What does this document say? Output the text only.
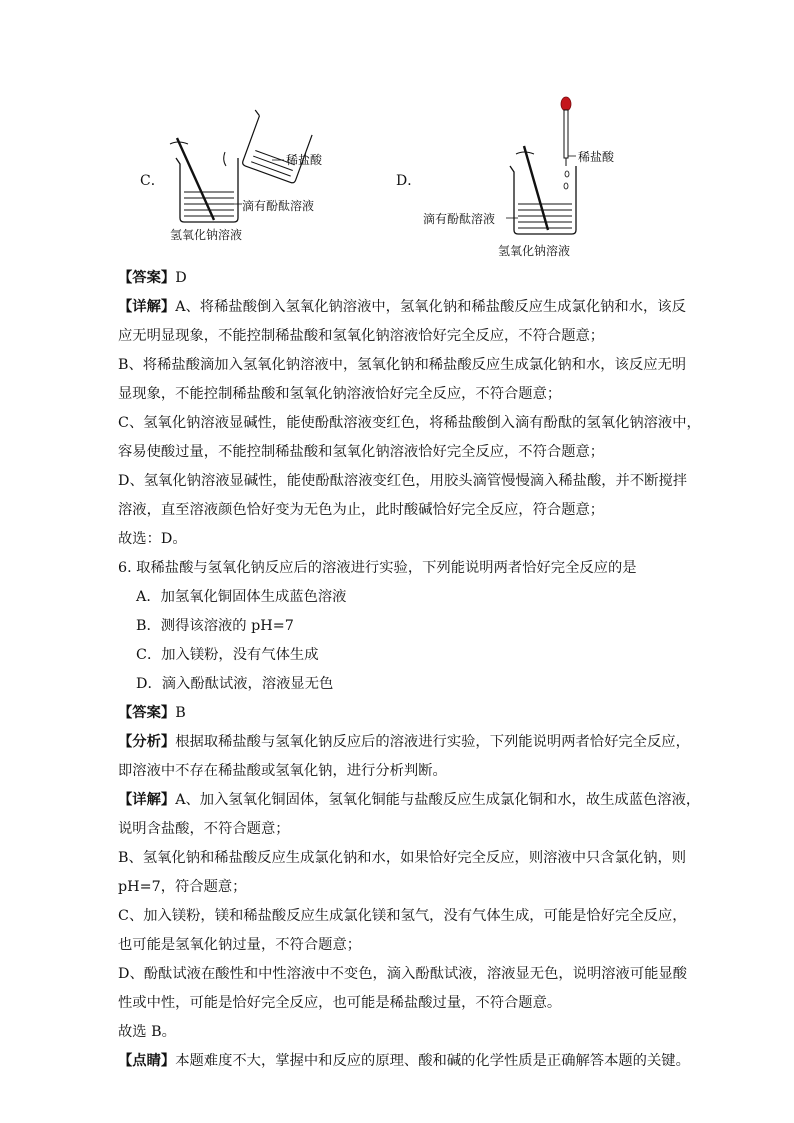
C．
稀盐酸
滴有酚酞溶液
氢氧化钠溶液
D．
稀盐酸
滴有酚酞溶液
氢氧化钠溶液

【答案】D

【详解】A、将稀盐酸倒入氢氧化钠溶液中，氢氧化钠和稀盐酸反应生成氯化钠和水，该反

应无明显现象，不能控制稀盐酸和氢氧化钠溶液恰好完全反应，不符合题意；

B、将稀盐酸滴加入氢氧化钠溶液中，氢氧化钠和稀盐酸反应生成氯化钠和水，该反应无明

显现象，不能控制稀盐酸和氢氧化钠溶液恰好完全反应，不符合题意；

C、氢氧化钠溶液显碱性，能使酚酞溶液变红色，将稀盐酸倒入滴有酚酞的氢氧化钠溶液中，

容易使酸过量，不能控制稀盐酸和氢氧化钠溶液恰好完全反应，不符合题意；

D、氢氧化钠溶液显碱性，能使酚酞溶液变红色，用胶头滴管慢慢滴入稀盐酸，并不断搅拌

溶液，直至溶液颜色恰好变为无色为止，此时酸碱恰好完全反应，符合题意；

故选：D。

6. 取稀盐酸与氢氧化钠反应后的溶液进行实验，下列能说明两者恰好完全反应的是

A．加氢氧化铜固体生成蓝色溶液

B．测得该溶液的 pH=7

C．加入镁粉，没有气体生成

D．滴入酚酞试液，溶液显无色

【答案】B

【分析】根据取稀盐酸与氢氧化钠反应后的溶液进行实验，下列能说明两者恰好完全反应，

即溶液中不存在稀盐酸或氢氧化钠，进行分析判断。

【详解】A、加入氢氧化铜固体，氢氧化铜能与盐酸反应生成氯化铜和水，故生成蓝色溶液，

说明含盐酸，不符合题意；

B、氢氧化钠和稀盐酸反应生成氯化钠和水，如果恰好完全反应，则溶液中只含氯化钠，则

pH=7，符合题意；

C、加入镁粉，镁和稀盐酸反应生成氯化镁和氢气，没有气体生成，可能是恰好完全反应，

也可能是氢氧化钠过量，不符合题意；

D、酚酞试液在酸性和中性溶液中不变色，滴入酚酞试液，溶液显无色，说明溶液可能显酸

性或中性，可能是恰好完全反应，也可能是稀盐酸过量，不符合题意。

故选 B。

【点睛】本题难度不大，掌握中和反应的原理、酸和碱的化学性质是正确解答本题的关键。
